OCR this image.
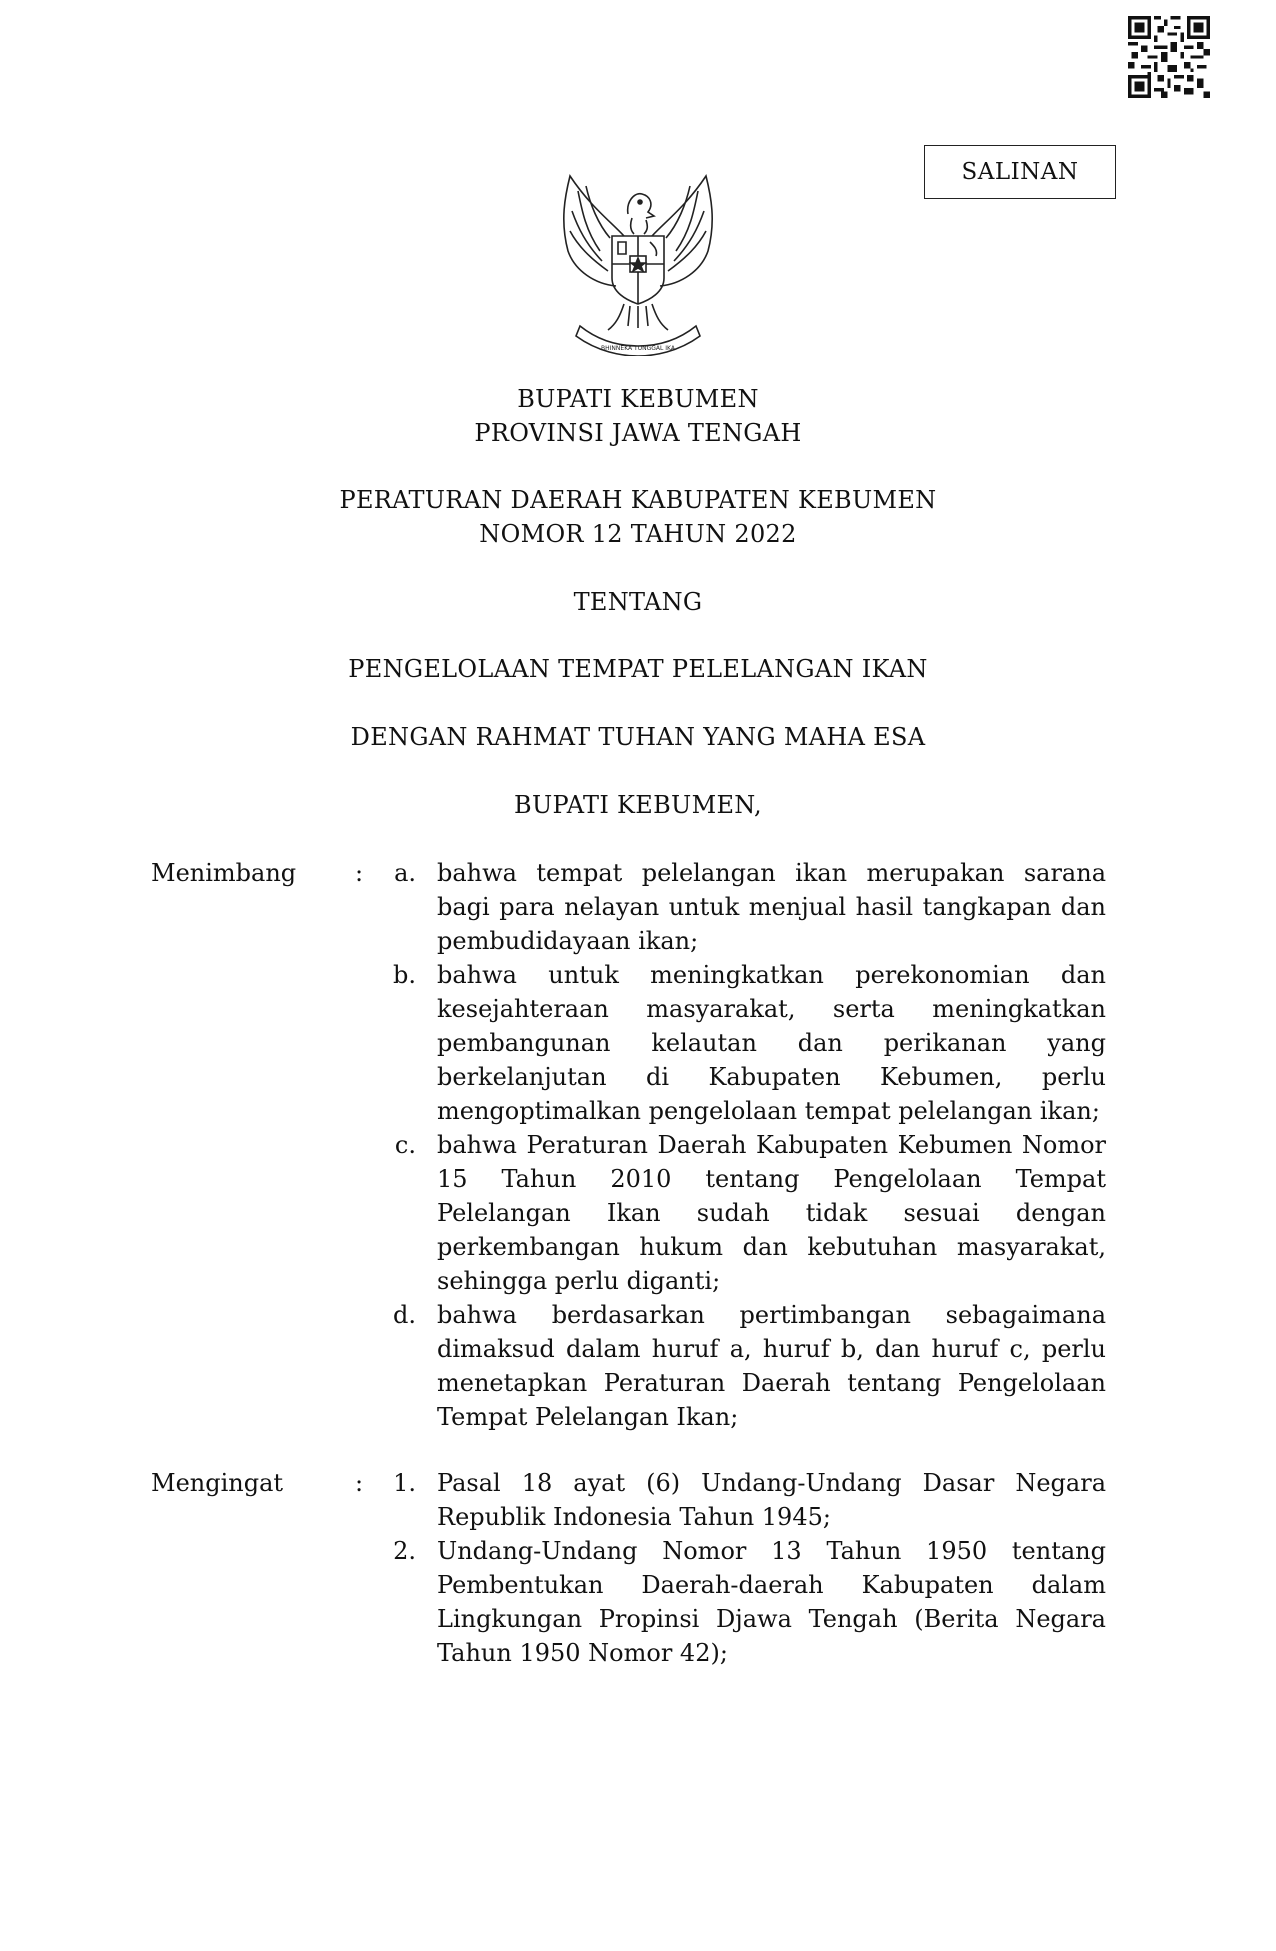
SALINAN
BHINNEKA TUNGGAL IKA
BUPATI KEBUMEN
PROVINSI JAWA TENGAH
PERATURAN DAERAH KABUPATEN KEBUMEN
NOMOR 12 TAHUN 2022
TENTANG
PENGELOLAAN TEMPAT PELELANGAN IKAN
DENGAN RAHMAT TUHAN YANG MAHA ESA
BUPATI KEBUMEN,
Menimbang :	a. bahwa tempat pelelangan ikan merupakan sarana bagi para nelayan untuk menjual hasil tangkapan dan pembudidayaan ikan;
b. bahwa untuk meningkatkan perekonomian dan kesejahteraan masyarakat, serta meningkatkan pembangunan kelautan dan perikanan yang berkelanjutan di Kabupaten Kebumen, perlu mengoptimalkan pengelolaan tempat pelelangan ikan;
c. bahwa Peraturan Daerah Kabupaten Kebumen Nomor 15 Tahun 2010 tentang Pengelolaan Tempat Pelelangan Ikan sudah tidak sesuai dengan perkembangan hukum dan kebutuhan masyarakat, sehingga perlu diganti;
d. bahwa berdasarkan pertimbangan sebagaimana dimaksud dalam huruf a, huruf b, dan huruf c, perlu menetapkan Peraturan Daerah tentang Pengelolaan Tempat Pelelangan Ikan;
Mengingat	:	1. Pasal 18 ayat (6) Undang-Undang Dasar Negara Republik Indonesia Tahun 1945;
2. Undang-Undang Nomor 13 Tahun 1950 tentang Pembentukan Daerah-daerah Kabupaten dalam Lingkungan Propinsi Djawa Tengah (Berita Negara Tahun 1950 Nomor 42);
